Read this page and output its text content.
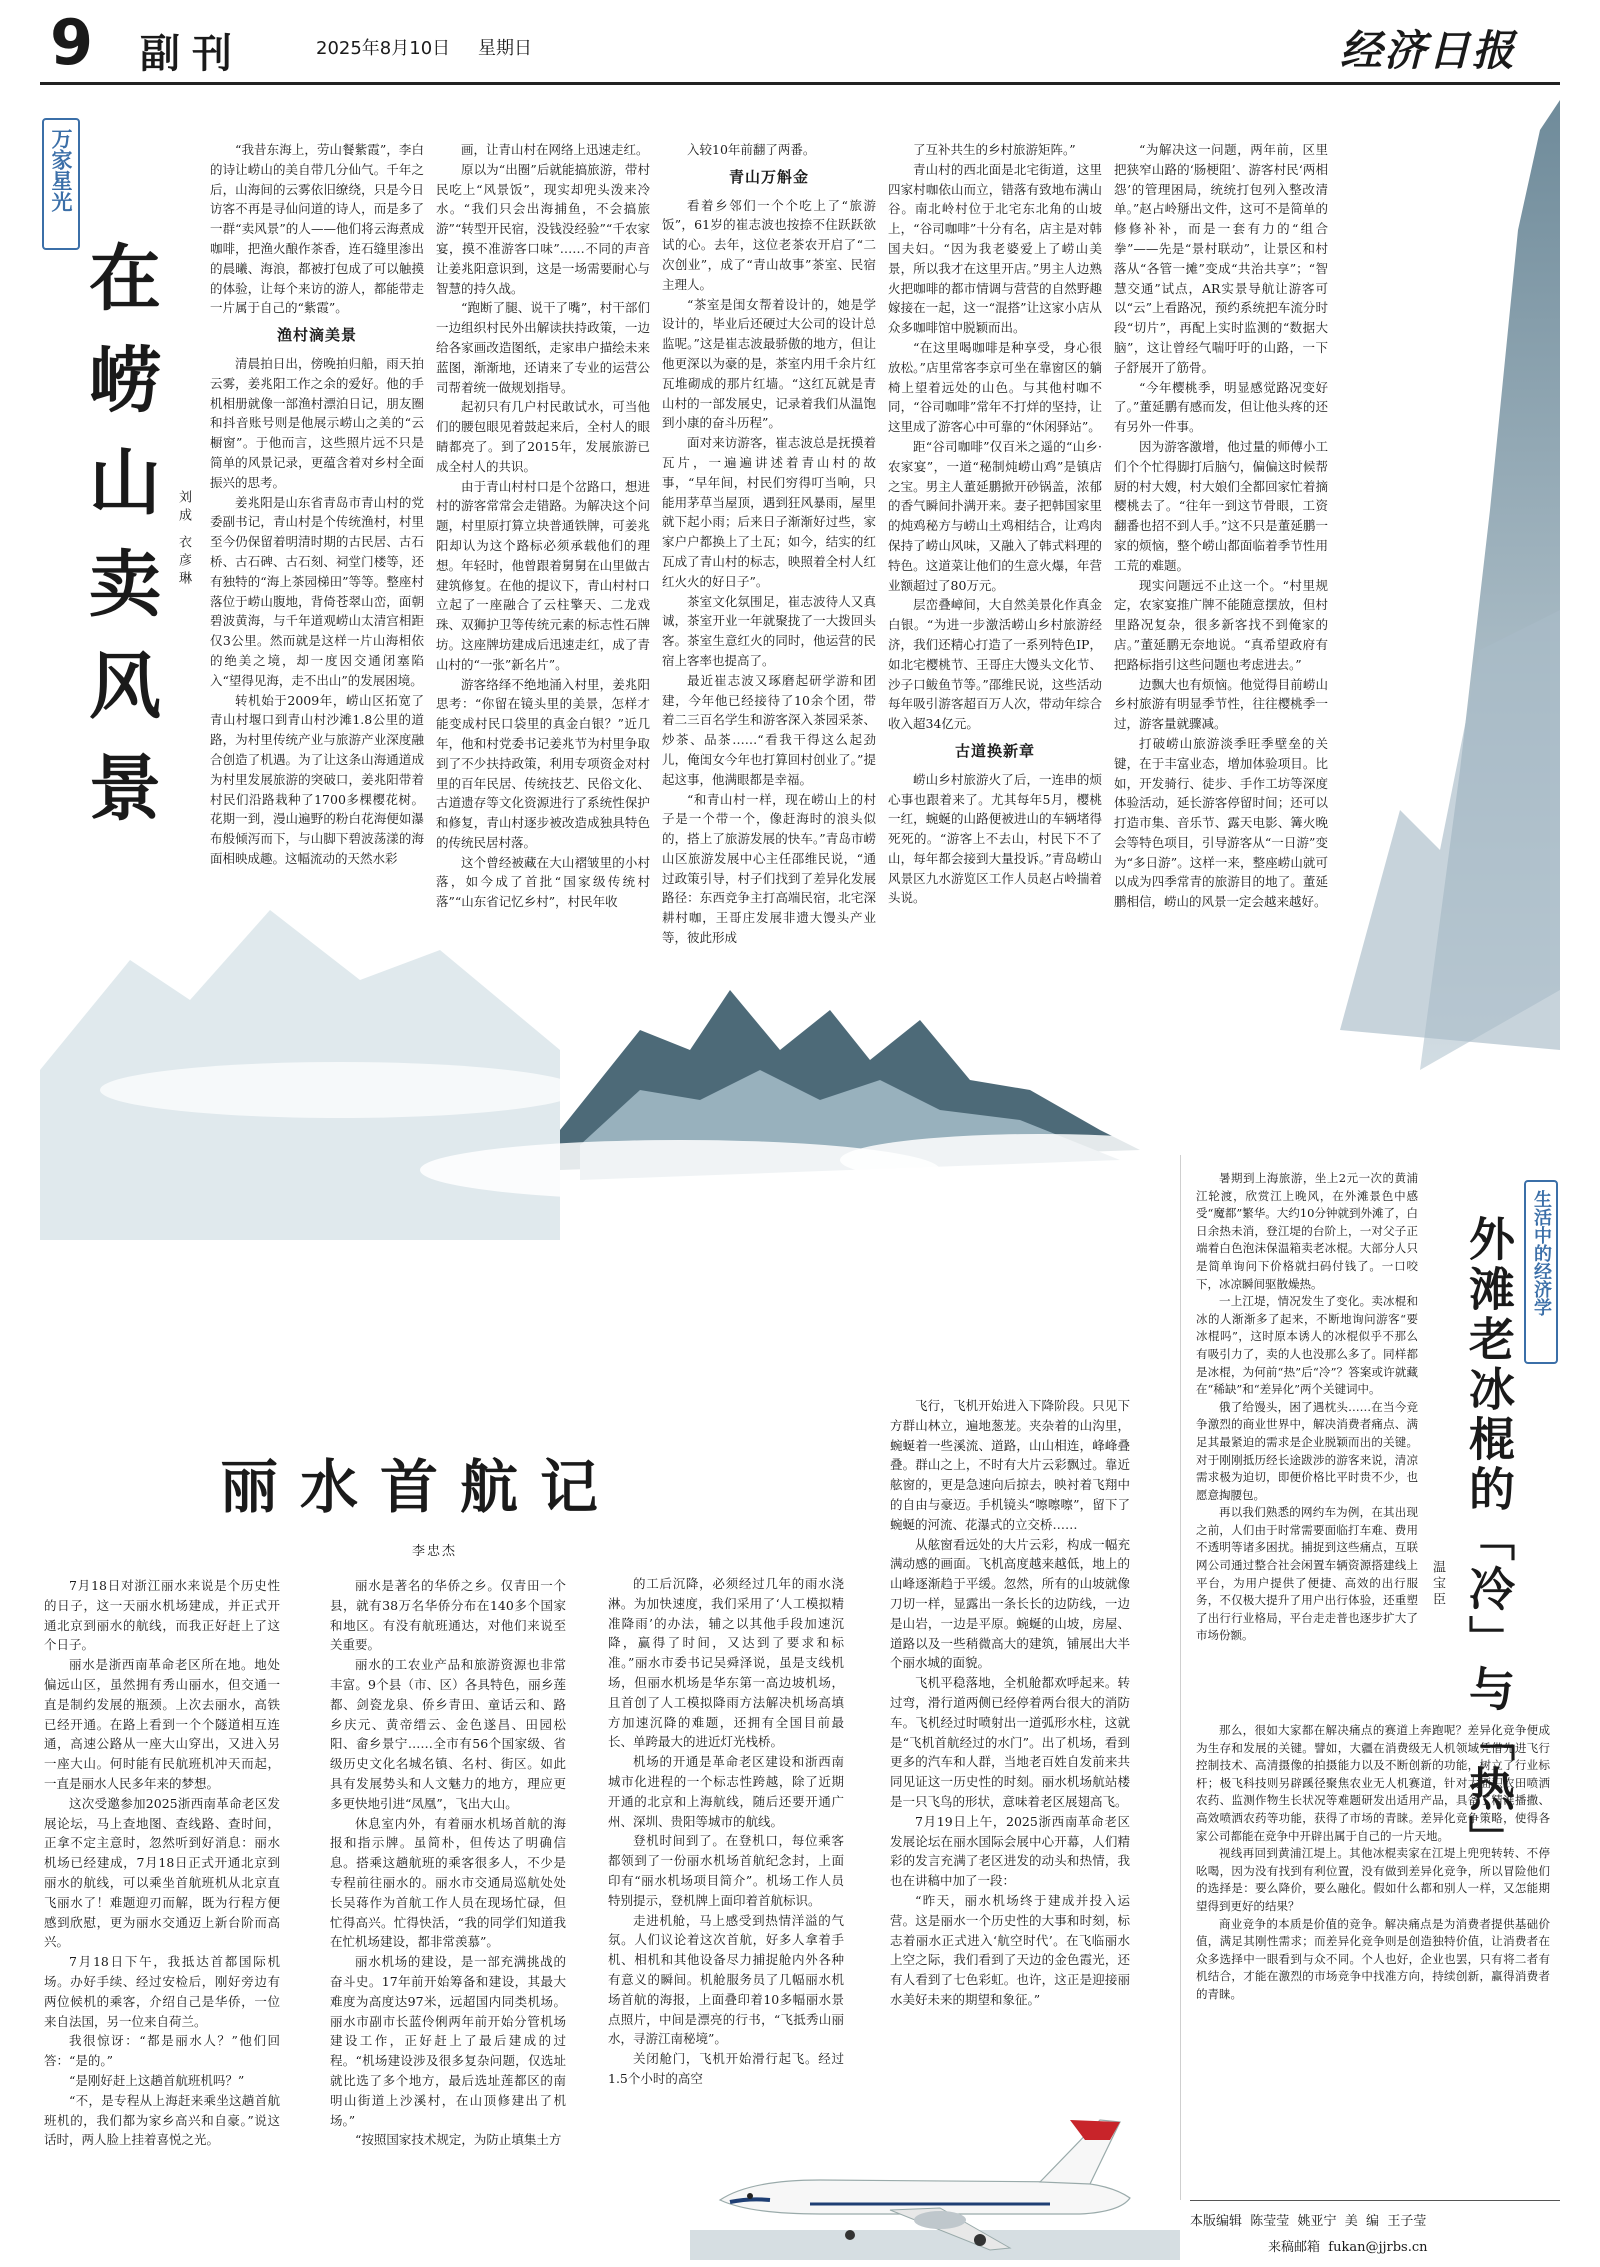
9 副刊	2025年8月10日 星期日	经济日报
万家星光
在崂山卖风景 刘成 衣彦琳

“我昔东海上，劳山餐紫霞”，李白的诗让崂山的美自带几分仙气。千年之后，山海间的云雾依旧缭绕，只是今日访客不再是寻仙问道的诗人，而是多了一群“卖风景”的人——他们将云海煮成咖啡，把渔火酿作茶香，连石缝里渗出的晨曦、海浪，都被打包成了可以触摸的体验，让每个来访的游人，都能带走一片属于自己的“紫霞”。

渔村滴美景

清晨拍日出，傍晚拍归船，雨天拍云雾，姜兆阳工作之余的爱好。他的手机相册就像一部渔村漂泊日记，朋友圈和抖音账号则是他展示崂山之美的“云橱窗”。于他而言，这些照片远不只是简单的风景记录，更蕴含着对乡村全面振兴的思考。

姜兆阳是山东省青岛市青山村的党委副书记，青山村是个传统渔村，村里至今仍保留着明清时期的古民居、古石桥、古石碑、古石刻、祠堂门楼等，还有独特的“海上茶园梯田”等等。整座村落位于崂山腹地，背倚苍翠山峦，面朝碧波黄海，与千年道观崂山太清宫相距仅3公里。然而就是这样一片山海相依的绝美之境，却一度因交通闭塞陷入“望得见海，走不出山”的发展困境。

转机始于2009年，崂山区拓宽了青山村堰口到青山村沙滩1.8公里的道路，为村里传统产业与旅游产业深度融合创造了机遇。为了让这条山海通道成为村里发展旅游的突破口，姜兆阳带着村民们沿路栽种了1700多棵樱花树。花期一到，漫山遍野的粉白花海便如瀑布般倾泻而下，与山脚下碧波荡漾的海面相映成趣。这幅流动的天然水彩

画，让青山村在网络上迅速走红。

原以为“出圈”后就能搞旅游，带村民吃上“风景饭”，现实却兜头泼来冷水。“我们只会出海捕鱼，不会搞旅游”“转型开民宿，没钱没经验”“千农家宴，摸不准游客口味”……不同的声音让姜兆阳意识到，这是一场需要耐心与智慧的持久战。

“跑断了腿、说干了嘴”，村干部们一边组织村民外出解读扶持政策，一边给各家画改造图纸，走家串户描绘未来蓝图，渐渐地，还请来了专业的运营公司帮着统一做规划指导。

起初只有几户村民敢试水，可当他们的腰包眼见着鼓起来后，全村人的眼睛都亮了。到了2015年，发展旅游已成全村人的共识。

由于青山村村口是个岔路口，想进村的游客常常会走错路。为解决这个问题，村里原打算立块普通铁牌，可姜兆阳却认为这个路标必须承载他们的理想。年轻时，他曾跟着舅舅在山里做古建筑修复。在他的提议下，青山村村口立起了一座融合了云柱擎天、二龙戏珠、双狮护卫等传统元素的标志性石牌坊。这座牌坊建成后迅速走红，成了青山村的“一张”新名片”。

游客络绎不绝地涌入村里，姜兆阳思考：“你留在镜头里的美景，怎样才能变成村民口袋里的真金白银？”近几年，他和村党委书记姜兆节为村里争取到了不少扶持政策，利用专项资金对村里的百年民居、传统技艺、民俗文化、古道遗存等文化资源进行了系统性保护和修复，青山村逐步被改造成独具特色的传统民居村落。

这个曾经被藏在大山褶皱里的小村落，如今成了首批“国家级传统村落”“山东省记忆乡村”，村民年收

入较10年前翻了两番。

青山万斛金

看着乡邻们一个个吃上了“旅游饭”，61岁的崔志波也按捺不住跃跃欲试的心。去年，这位老茶农开启了“二次创业”，成了“青山故事”茶室、民宿主理人。

“茶室是闺女帮着设计的，她是学设计的，毕业后还硬过大公司的设计总监呢。”这是崔志波最骄傲的地方，但让他更深以为豪的是，茶室内用千余片红瓦堆砌成的那片红墙。“这红瓦就是青山村的一部发展史，记录着我们从温饱到小康的奋斗历程”。

面对来访游客，崔志波总是抚摸着瓦片，一遍遍讲述着青山村的故事，“早年间，村民们穷得叮当响，只能用茅草当屋顶，遇到狂风暴雨，屋里就下起小雨；后来日子渐渐好过些，家家户户都换上了土瓦；如今，结实的红瓦成了青山村的标志，映照着全村人红红火火的好日子”。

茶室文化氛围足，崔志波待人又真诚，茶室开业一年就聚拢了一大拨回头客。茶室生意红火的同时，他运营的民宿上客率也提高了。

最近崔志波又琢磨起研学游和团建，今年他已经接待了10余个团，带着二三百名学生和游客深入茶园采茶、炒茶、品茶……“看我干得这么起劲儿，俺闺女今年也打算回村创业了。”提起这事，他满眼都是幸福。

“和青山村一样，现在崂山上的村子是一个带一个，像赶海时的浪头似的，搭上了旅游发展的快车。”青岛市崂山区旅游发展中心主任邵维民说，“通过政策引导，村子们找到了差异化发展路径：东西竞争主打高端民宿，北宅深耕村咖，王哥庄发展非遗大馒头产业等，彼此形成

了互补共生的乡村旅游矩阵。”

青山村的西北面是北宅街道，这里四家村咖依山而立，错落有致地布满山谷。南北岭村位于北宅东北角的山坡上，“谷司咖啡”十分有名，店主是对韩国夫妇。“因为我老婆爱上了崂山美景，所以我才在这里开店。”男主人边熟火把咖啡的都市情调与营营的自然野趣嫁接在一起，这一“混搭”让这家小店从众多咖啡馆中脱颖而出。

“在这里喝咖啡是种享受，身心很放松。”店里常客李京可坐在靠窗区的躺椅上望着远处的山色。与其他村咖不同，“谷司咖啡”常年不打烊的坚持，让这里成了游客心中可靠的“休闲驿站”。

距“谷司咖啡”仅百米之遥的“山乡·农家宴”，一道“秘制炖崂山鸡”是镇店之宝。男主人董延鹏掀开砂锅盖，浓郁的香气瞬间扑满开来。妻子把韩国家里的炖鸡秘方与崂山土鸡相结合，让鸡肉保持了崂山风味，又融入了韩式料理的特色。这道菜让他们的生意火爆，年营业额超过了80万元。

层峦叠嶂间，大自然美景化作真金白银。“为进一步激活崂山乡村旅游经济，我们还精心打造了一系列特色IP，如北宅樱桃节、王哥庄大馒头文化节、沙子口鲅鱼节等。”邵维民说，这些活动每年吸引游客超百万人次，带动年综合收入超34亿元。

古道换新章

崂山乡村旅游火了后，一连串的烦心事也跟着来了。尤其每年5月，樱桃一红，蜿蜒的山路便被进山的车辆堵得死死的。“游客上不去山，村民下不了山，每年都会接到大量投诉。”青岛崂山风景区九水游览区工作人员赵占岭揣着头说。

“为解决这一问题，两年前，区里把狭窄山路的‘肠梗阻’、游客村民‘两相怨’的管理困局，统统打包列入整改清单。”赵占岭掰出文件，这可不是简单的修修补补，而是一套有力的“组合拳”——先是“景村联动”，让景区和村落从“各管一摊”变成“共治共享”；“智慧交通”试点，AR实景导航让游客可以“云”上看路况，预约系统把车流分时段“切片”，再配上实时监测的“数据大脑”，这让曾经气喘吁吁的山路，一下子舒展开了筋骨。

“今年樱桃季，明显感觉路况变好了。”董延鹏有感而发，但让他头疼的还有另外一件事。

因为游客激增，他过量的师傅小工们个个忙得脚打后脑勺，偏偏这时候帮厨的村大嫂，村大娘们全都回家忙着摘樱桃去了。“往年一到这节骨眼，工资翻番也招不到人手。”这不只是董延鹏一家的烦恼，整个崂山都面临着季节性用工荒的难题。

现实问题远不止这一个。“村里规定，农家宴推广牌不能随意摆放，但村里路况复杂，很多新客找不到俺家的店。”董延鹏无奈地说。“真希望政府有把路标指引这些问题也考虑进去。”

边飘大也有烦恼。他觉得目前崂山乡村旅游有明显季节性，往往樱桃季一过，游客量就骤减。

打破崂山旅游淡季旺季壁垒的关键，在于丰富业态，增加体验项目。比如，开发骑行、徒步、手作工坊等深度体验活动，延长游客停留时间；还可以打造市集、音乐节、露天电影、篝火晚会等特色项目，引导游客从“一日游”变为“多日游”。这样一来，整座崂山就可以成为四季常青的旅游目的地了。董延鹏相信，崂山的风景一定会越来越好。

生活中的经济学
外滩老冰棍的「冷」与「热」
温宝臣

暑期到上海旅游，坐上2元一次的黄浦江轮渡，欣赏江上晚风，在外滩景色中感受“魔都”繁华。大约10分钟就到外滩了，白日余热未消，登江堤的台阶上，一对父子正端着白色泡沫保温箱卖老冰棍。大部分人只是简单询问下价格就扫码付钱了。一口咬下，冰凉瞬间驱散燥热。

一上江堤，情况发生了变化。卖冰棍和冰的人渐渐多了起来，不断地询问游客“要冰棍吗”，这时原本诱人的冰棍似乎不那么有吸引力了，卖的人也没那么多了。同样都是冰棍，为何前“热”后“冷”？答案或许就藏在“稀缺”和“差异化”两个关键词中。

俄了给馒头，困了遇枕头……在当今竞争激烈的商业世界中，解决消费者痛点、满足其最紧迫的需求是企业脱颖而出的关键。对于刚刚抵历经长途跋涉的游客来说，清凉需求极为迫切，即便价格比平时贵不少，也愿意掏腰包。

再以我们熟悉的网约车为例，在其出现之前，人们由于时常需要面临打车难、费用不透明等诸多困扰。捕捉到这些痛点，互联网公司通过整合社会闲置车辆资源搭建线上平台，为用户提供了便捷、高效的出行服务，不仅极大提升了用户出行体验，还重塑了出行行业格局，平台走走普也逐步扩大了市场份额。

那么，很如大家都在解决痛点的赛道上奔跑呢？差异化竞争便成为生存和发展的关键。譬如，大疆在消费级无人机领域凭借先进飞行控制技术、高清摄像的拍摄能力以及不断创新的功能，树立了行业标杆；极飞科技则另辟蹊径聚焦农业无人机赛道，针对大面积农田喷洒农药、监测作物生长状况等难题研发出适用产品，具备了精准播撒、高效喷洒农药等功能，获得了市场的青睐。差异化竞争策略，使得各家公司都能在竞争中开辟出属于自己的一片天地。

视线再回到黄浦江堤上。其他冰棍卖家在江堤上兜兜转转、不停吆喝，因为没有找到有利位置，没有做到差异化竞争，所以冒险他们的选择是：要么降价，要么融化。假如什么都和别人一样，又怎能期望得到更好的结果？

商业竞争的本质是价值的竞争。解决痛点是为消费者提供基础价值，满足其刚性需求；而差异化竞争则是创造独特价值，让消费者在众多选择中一眼看到与众不同。个人也好，企业也罢，只有将二者有机结合，才能在激烈的市场竞争中找准方向，持续创新，赢得消费者的青睐。

丽水首航记
李忠杰

7月18日对浙江丽水来说是个历史性的日子，这一天丽水机场建成，并正式开通北京到丽水的航线，而我正好赶上了这个日子。

丽水是浙西南革命老区所在地。地处偏远山区，虽然拥有秀山丽水，但交通一直是制约发展的瓶颈。上次去丽水，高铁已经开通。在路上看到一个个隧道相互连通，高速公路从一座大山穿出，又进入另一座大山。何时能有民航班机冲天而起，一直是丽水人民多年来的梦想。

这次受邀参加2025浙西南革命老区发展论坛，马上查地图、查线路、查时间，正拿不定主意时，忽然听到好消息：丽水机场已经建成，7月18日正式开通北京到丽水的航线，可以乘坐首航班机从北京直飞丽水了！难题迎刃而解，既为行程方便感到欣慰，更为丽水交通迈上新台阶而高兴。

7月18日下午，我抵达首都国际机场。办好手续、经过安检后，刚好旁边有两位候机的乘客，介绍自己是华侨，一位来自法国，另一位来自荷兰。

我很惊讶：“都是丽水人？”他们回答：“是的。”

“是刚好赶上这趟首航班机吗？”

“不，是专程从上海赶来乘坐这趟首航班机的，我们都为家乡高兴和自豪。”说这话时，两人脸上挂着喜悦之光。

丽水是著名的华侨之乡。仅青田一个县，就有38万名华侨分布在140多个国家和地区。有没有航班通达，对他们来说至关重要。

丽水的工农业产品和旅游资源也非常丰富。9个县（市、区）各具特色，丽乡莲都、剑瓷龙泉、侨乡青田、童话云和、路乡庆元、黄帝缙云、金色遂昌、田园松阳、畲乡景宁……全市有56个国家级、省级历史文化名城名镇、名村、街区。如此具有发展势头和人文魅力的地方，理应更多更快地引进“凤凰”，飞出大山。

休息室内外，有着丽水机场首航的海报和指示牌。虽简朴，但传达了明确信息。搭乘这趟航班的乘客很多人，不少是专程前往丽水的。丽水市交通局巡航处处长吴蒋作为首航工作人员在现场忙碌，但忙得高兴。忙得快活，“我的同学们知道我在忙机场建设，都非常羡慕”。

丽水机场的建设，是一部充满挑战的奋斗史。17年前开始筹备和建设，其最大难度为高度达97米，远超国内同类机场。丽水市副市长蓝伶俐两年前开始分管机场建设工作，正好赶上了最后建成的过程。“机场建设涉及很多复杂问题，仅选址就比选了多个地方，最后选址莲都区的南明山街道上沙溪村，在山顶修建出了机场。”

“按照国家技术规定，为防止填集土方

的工后沉降，必须经过几年的雨水浇淋。为加快速度，我们采用了‘人工模拟精准降雨’的办法，辅之以其他手段加速沉降，赢得了时间，又达到了要求和标准。”丽水市委书记吴舜泽说，虽是支线机场，但丽水机场是华东第一高边坡机场，且首创了人工模拟降雨方法解决机场高填方加速沉降的难题，还拥有全国目前最长、单跨最大的进近灯光栈桥。

机场的开通是革命老区建设和浙西南城市化进程的一个标志性跨越，除了近期开通的北京和上海航线，随后还要开通广州、深圳、贵阳等城市的航线。

登机时间到了。在登机口，每位乘客都领到了一份丽水机场首航纪念封，上面印有“丽水机场项目简介”。机场工作人员特别提示，登机牌上面印着首航标识。

走进机舱，马上感受到热情洋溢的气氛。人们议论着这次首航，好多人拿着手机、相机和其他设备尽力捕捉舱内外各种有意义的瞬间。机舱服务员了几幅丽水机场首航的海报，上面叠印着10多幅丽水景点照片，中间是漂亮的行书，“飞抵秀山丽水，寻游江南秘境”。

关闭舱门，飞机开始滑行起飞。经过1.5个小时的高空

飞行，飞机开始进入下降阶段。只见下方群山林立，遍地葱茏。夹杂着的山沟里，蜿蜒着一些溪流、道路，山山相连，峰峰叠叠。群山之上，不时有大片云彩飘过。靠近舷窗的，更是急速向后掠去，映衬着飞翔中的自由与豪迈。手机镜头“嚓嚓嚓”，留下了蜿蜒的河流、花瀑式的立交桥……

从舷窗看远处的大片云彩，构成一幅充满动感的画面。飞机高度越来越低，地上的山峰逐渐趋于平缓。忽然，所有的山坡就像刀切一样，显露出一条长长的边防线，一边是山岩，一边是平原。蜿蜒的山坡，房屋、道路以及一些稍微高大的建筑，铺展出大半个丽水城的面貌。

飞机平稳落地，全机舱都欢呼起来。转过弯，滑行道两侧已经停着两台很大的消防车。飞机经过时喷射出一道弧形水柱，这就是“飞机首航经过的水门”。出了机场，看到更多的汽车和人群，当地老百姓自发前来共同见证这一历史性的时刻。丽水机场航站楼是一只飞鸟的形状，意味着老区展翅高飞。

7月19日上午，2025浙西南革命老区发展论坛在丽水国际会展中心开幕，人们精彩的发言充满了老区进发的动头和热情，我也在讲稿中加了一段：

“昨天，丽水机场终于建成并投入运营。这是丽水一个历史性的大事和时刻，标志着丽水正式进入‘航空时代’。在飞临丽水上空之际，我们看到了天边的金色霞光，还有人看到了七色彩虹。也许，这正是迎接丽水美好未来的期望和象征。”

本版编辑  陈莹莹  姚亚宁  美  编  王子莹
来稿邮箱  fukan@jjrbs.cn
